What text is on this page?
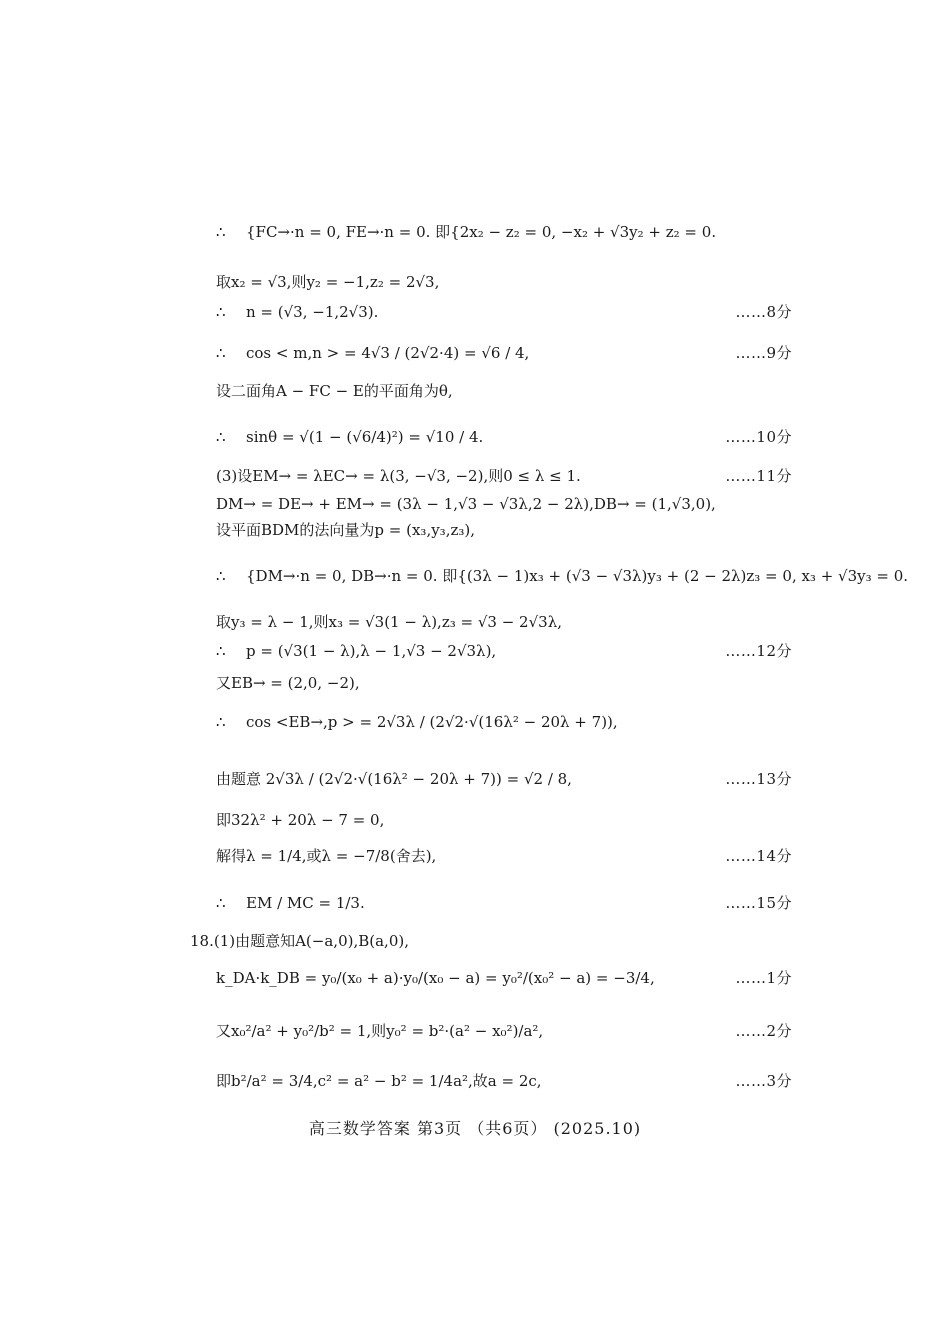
∴ {FC→·n = 0, FE→·n = 0. 即{2x₂ − z₂ = 0, −x₂ + √3y₂ + z₂ = 0.
取x₂ = √3,则y₂ = −1,z₂ = 2√3,
∴ n = (√3, −1,2√3).	……8分
∴ cos < m,n > = 4√3 / (2√2·4) = √6 / 4,	……9分
设二面角A − FC − E的平面角为θ,
∴ sinθ = √(1 − (√6/4)²) = √10 / 4.	……10分
(3)设EM→ = λEC→ = λ(3, −√3, −2),则0 ≤ λ ≤ 1.	……11分
DM→ = DE→ + EM→ = (3λ − 1,√3 − √3λ,2 − 2λ),DB→ = (1,√3,0),
设平面BDM的法向量为p = (x₃,y₃,z₃),
∴ {DM→·n = 0, DB→·n = 0. 即{(3λ − 1)x₃ + (√3 − √3λ)y₃ + (2 − 2λ)z₃ = 0, x₃ + √3y₃ = 0.
取y₃ = λ − 1,则x₃ = √3(1 − λ),z₃ = √3 − 2√3λ,
∴ p = (√3(1 − λ),λ − 1,√3 − 2√3λ),	……12分
又EB→ = (2,0, −2),
∴ cos <EB→,p > = 2√3λ / (2√2·√(16λ² − 20λ + 7)),
由题意 2√3λ / (2√2·√(16λ² − 20λ + 7)) = √2 / 8,	……13分
即32λ² + 20λ − 7 = 0,
解得λ = 1/4,或λ = −7/8(舍去),	……14分
∴ EM / MC = 1/3.	……15分
18.(1)由题意知A(−a,0),B(a,0),
k_DA·k_DB = y₀/(x₀ + a)·y₀/(x₀ − a) = y₀²/(x₀² − a) = −3/4,	……1分
又x₀²/a² + y₀²/b² = 1,则y₀² = b²·(a² − x₀²)/a²,	……2分
即b²/a² = 3/4,c² = a² − b² = 1/4a²,故a = 2c,	……3分
高三数学答案 第3页 （共6页） (2025.10)
